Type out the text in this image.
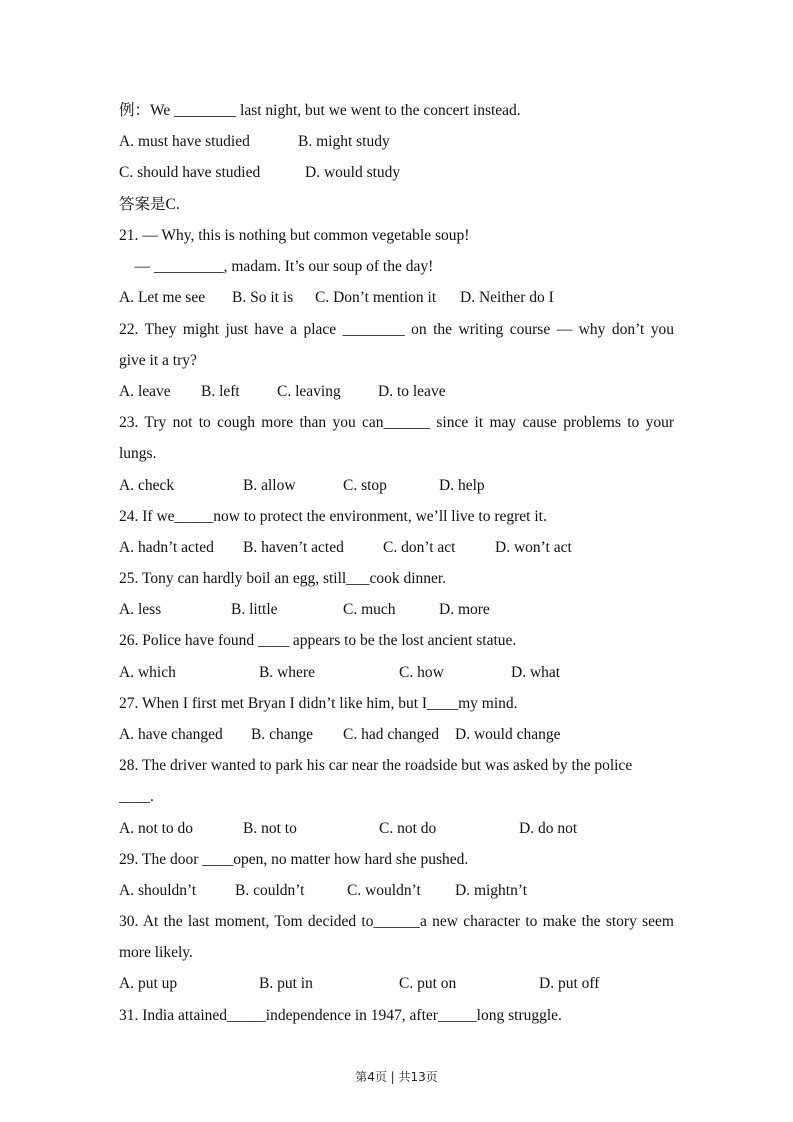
例：We ________ last night, but we went to the concert instead.
A. must have studied	B. might study
C. should have studied	D. would study
答案是C.
21. — Why, this is nothing but common vegetable soup!
— _________, madam. It’s our soup of the day!
A. Let me see B. So it is C. Don’t mention it D. Neither do I
22. They might just have a place ________ on the writing course — why don’t you
give it a try?
A. leave B. left C. leaving D. to leave
23. Try not to cough more than you can______ since it may cause problems to your
lungs.
A. check	B. allow	C. stop	D. help
24. If we_____now to protect the environment, we’ll live to regret it.
A. hadn’t acted B. haven’t acted	C. don’t act	D. won’t act
25. Tony can hardly boil an egg, still___cook dinner.
A. less	B. little	C. much	D. more
26. Police have found ____ appears to be the lost ancient statue.
A. which	B. where	C. how	D. what
27. When I first met Bryan I didn’t like him, but I____my mind.
A. have changed B. change C. had changed D. would change
28. The driver wanted to park his car near the roadside but was asked by the police
____.
A. not to do	B. not to	C. not do	D. do not
29. The door ____open, no matter how hard she pushed.
A. shouldn’t	B. couldn’t	C. wouldn’t D. mightn’t
30. At the last moment, Tom decided to______a new character to make the story seem
more likely.
A. put up	B. put in	C. put on	D. put off
31. India attained_____independence in 1947, after_____long struggle.
第4页 | 共13页
